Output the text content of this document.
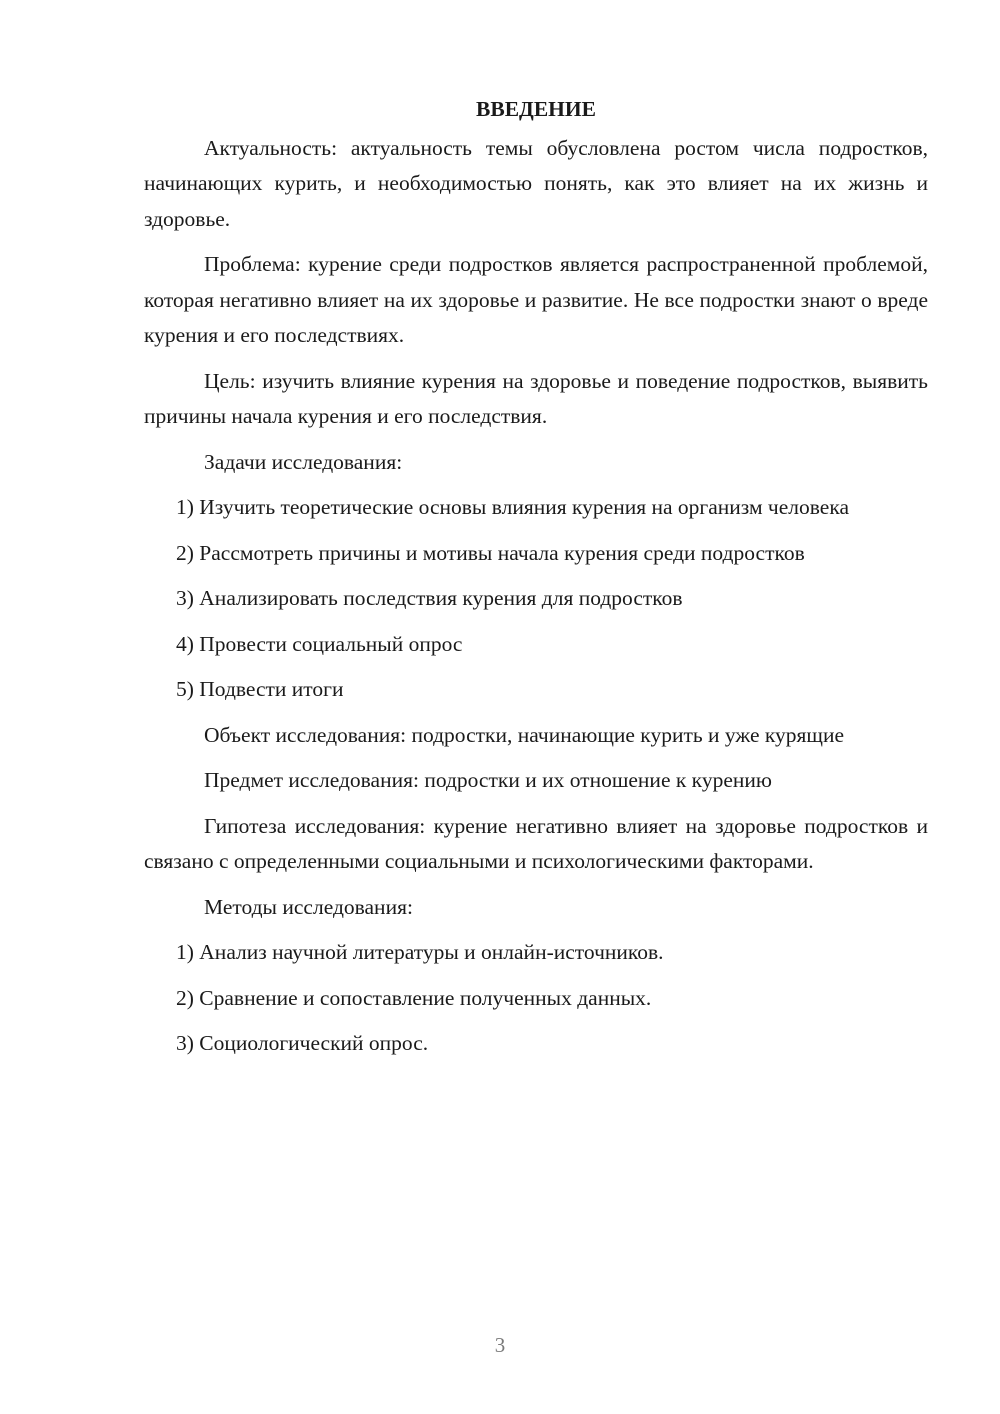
ВВЕДЕНИЕ

Актуальность: актуальность темы обусловлена ростом числа подростков, начинающих курить, и необходимостью понять, как это влияет на их жизнь и здоровье.

Проблема: курение среди подростков является распространенной проблемой, которая негативно влияет на их здоровье и развитие. Не все подростки знают о вреде курения и его последствиях.

Цель: изучить влияние курения на здоровье и поведение подростков, выявить причины начала курения и его последствия.

Задачи исследования:

1) Изучить теоретические основы влияния курения на организм человека

2) Рассмотреть причины и мотивы начала курения среди подростков

3) Анализировать последствия курения для подростков

4) Провести социальный опрос

5) Подвести итоги

Объект исследования: подростки, начинающие курить и уже курящие

Предмет исследования: подростки и их отношение к курению

Гипотеза исследования: курение негативно влияет на здоровье подростков и связано с определенными социальными и психологическими факторами.

Методы исследования:

1) Анализ научной литературы и онлайн-источников.

2) Сравнение и сопоставление полученных данных.

3) Социологический опрос.

3
